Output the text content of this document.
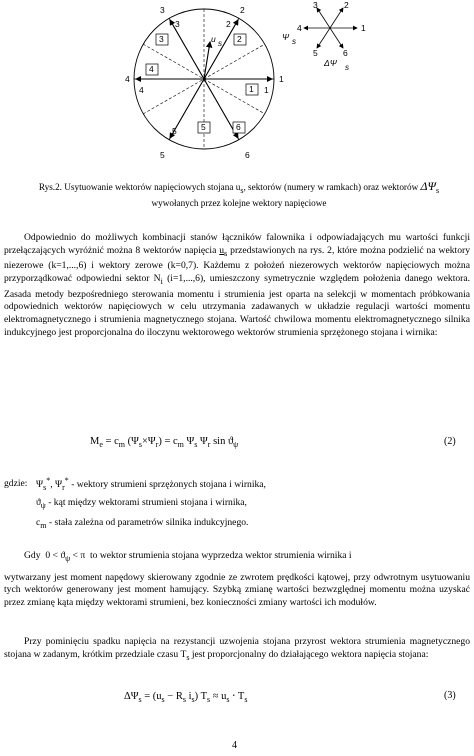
1
2
3
4
5	6
1
2
3
4
5
1
2
3
4
6
5
u s
Ψ s
1
2
3
4
5	6
ΔΨ s
Rys.2. Usytuowanie wektorów napięciowych stojana $u_s$, sektorów (numery w ramkach) oraz wektorów $\Delta\Psi_s$
wywołanych przez kolejne wektory napięciowe
Odpowiednio do możliwych kombinacji stanów łączników falownika i odpowiadających mu wartości funkcji przełączających wyróżnić można 8 wektorów napięcia $u_s$ przedstawionych na rys. 2, które można podzielić na wektory niezerowe (k=1,...,6) i wektory zerowe (k=0,7). Każdemu z położeń niezerowych wektorów napięciowych można przyporządkować odpowiedni sektor $N_i$ (i=1,...,6), umieszczony symetrycznie względem położenia danego wektora. Zasada metody bezpośredniego sterowania momentu i strumienia jest oparta na selekcji w momentach próbkowania odpowiednich wektorów napięciowych w celu utrzymania zadawanych w układzie regulacji wartości momentu elektromagnetycznego i strumienia magnetycznego stojana. Wartość chwilowa momentu elektromagnetycznego silnika indukcyjnego jest proporcjonalna do iloczynu wektorowego wektorów strumienia sprzężonego stojana i wirnika:
$M_e = c_m$ $(\Psi_s\times\Psi_r) = c_m$ $\Psi_s$ $\Psi_r$ $\sin ϑ_\psi$	(2)
gdzie: $\Psi_s^*$, $\Psi_r^*$ - wektory strumieni sprzężonych stojana i wirnika,
$ϑ_\psi$ - kąt między wektorami strumieni stojana i wirnika,
$c_m$ - stała zależna od parametrów silnika indukcyjnego.
Gdy $0 < ϑ_\psi < \pi$ to wektor strumienia stojana wyprzedza wektor strumienia wirnika i
wytwarzany jest moment napędowy skierowany zgodnie ze zwrotem prędkości kątowej, przy odwrotnym usytuowaniu tych wektorów generowany jest moment hamujący. Szybką zmianę wartości bezwzględnej momentu można uzyskać przez zmianę kąta między wektorami strumieni, bez konieczności zmiany wartości ich modułów.
Przy pominięciu spadku napięcia na rezystancji uzwojenia stojana przyrost wektora strumienia magnetycznego stojana w zadanym, krótkim przedziale czasu $T_s$ jest proporcjonalny do działającego wektora napięcia stojana:
$\Delta\Psi_s = (u_s - R_s$ $i_s$) $T_s \approx u_s \cdot T_s$	(3)
4
